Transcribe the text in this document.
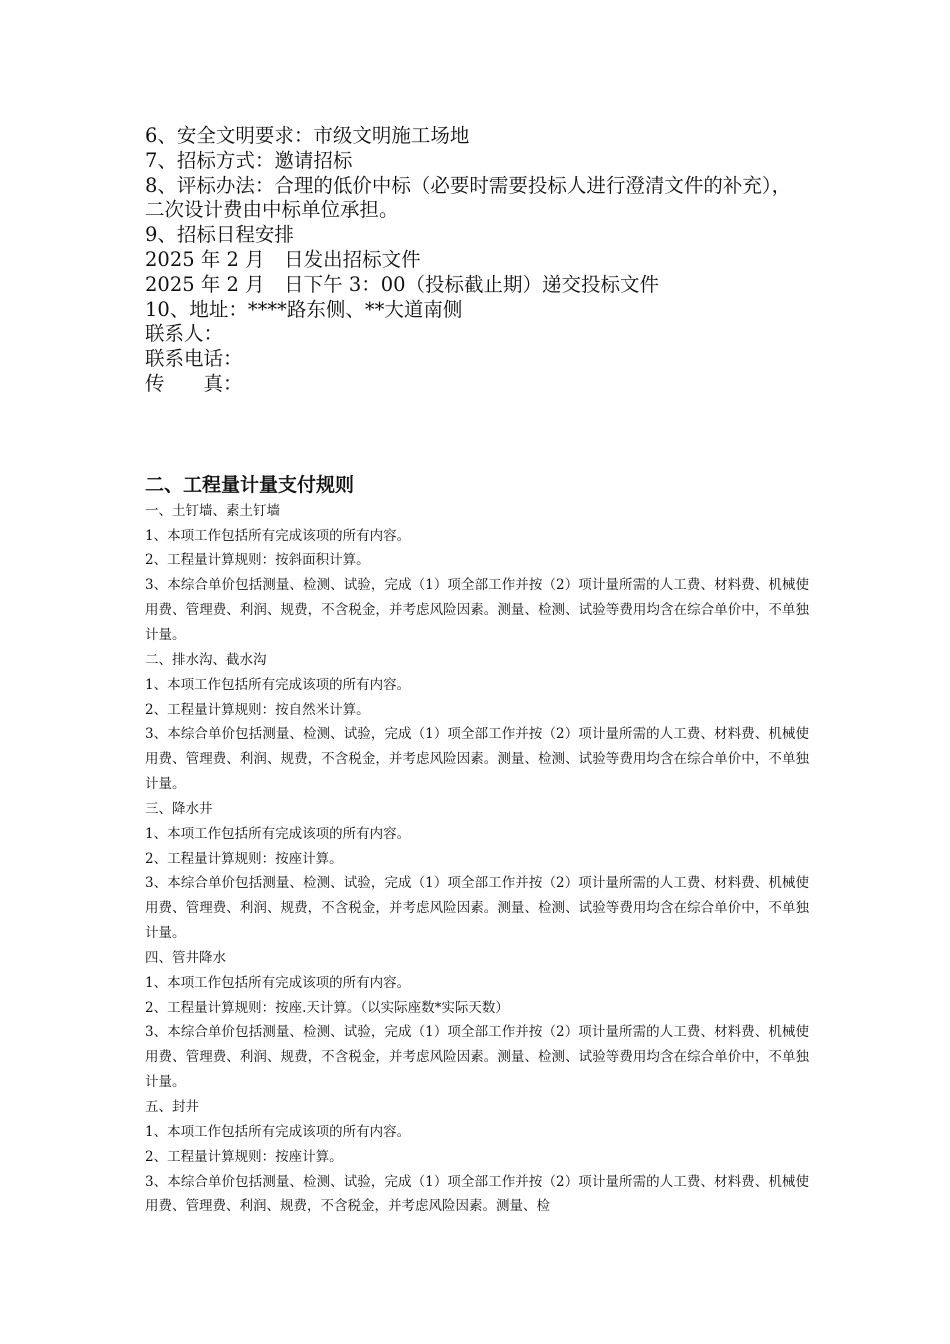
6、安全文明要求：市级文明施工场地
7、招标方式：邀请招标
8、评标办法：合理的低价中标（必要时需要投标人进行澄清文件的补充），二次设计费由中标单位承担。
9、招标日程安排
2025 年 2 月　日发出招标文件
2025 年 2 月　日下午 3：00（投标截止期）递交投标文件
10、地址：****路东侧、**大道南侧
联系人：
联系电话：
传　　真：
二、工程量计量支付规则

一、土钉墙、素土钉墙

1、本项工作包括所有完成该项的所有内容。

2、工程量计算规则：按斜面积计算。

3、本综合单价包括测量、检测、试验，完成（1）项全部工作并按（2）项计量所需的人工费、材料费、机械使用费、管理费、利润、规费，不含税金，并考虑风险因素。测量、检测、试验等费用均含在综合单价中，不单独计量。

二、排水沟、截水沟

1、本项工作包括所有完成该项的所有内容。

2、工程量计算规则：按自然米计算。

3、本综合单价包括测量、检测、试验，完成（1）项全部工作并按（2）项计量所需的人工费、材料费、机械使用费、管理费、利润、规费，不含税金，并考虑风险因素。测量、检测、试验等费用均含在综合单价中，不单独计量。

三、降水井

1、本项工作包括所有完成该项的所有内容。

2、工程量计算规则：按座计算。

3、本综合单价包括测量、检测、试验，完成（1）项全部工作并按（2）项计量所需的人工费、材料费、机械使用费、管理费、利润、规费，不含税金，并考虑风险因素。测量、检测、试验等费用均含在综合单价中，不单独计量。

四、管井降水

1、本项工作包括所有完成该项的所有内容。

2、工程量计算规则：按座.天计算。（以实际座数*实际天数）

3、本综合单价包括测量、检测、试验，完成（1）项全部工作并按（2）项计量所需的人工费、材料费、机械使用费、管理费、利润、规费，不含税金，并考虑风险因素。测量、检测、试验等费用均含在综合单价中，不单独计量。

五、封井

1、本项工作包括所有完成该项的所有内容。

2、工程量计算规则：按座计算。

3、本综合单价包括测量、检测、试验，完成（1）项全部工作并按（2）项计量所需的人工费、材料费、机械使用费、管理费、利润、规费，不含税金，并考虑风险因素。测量、检
